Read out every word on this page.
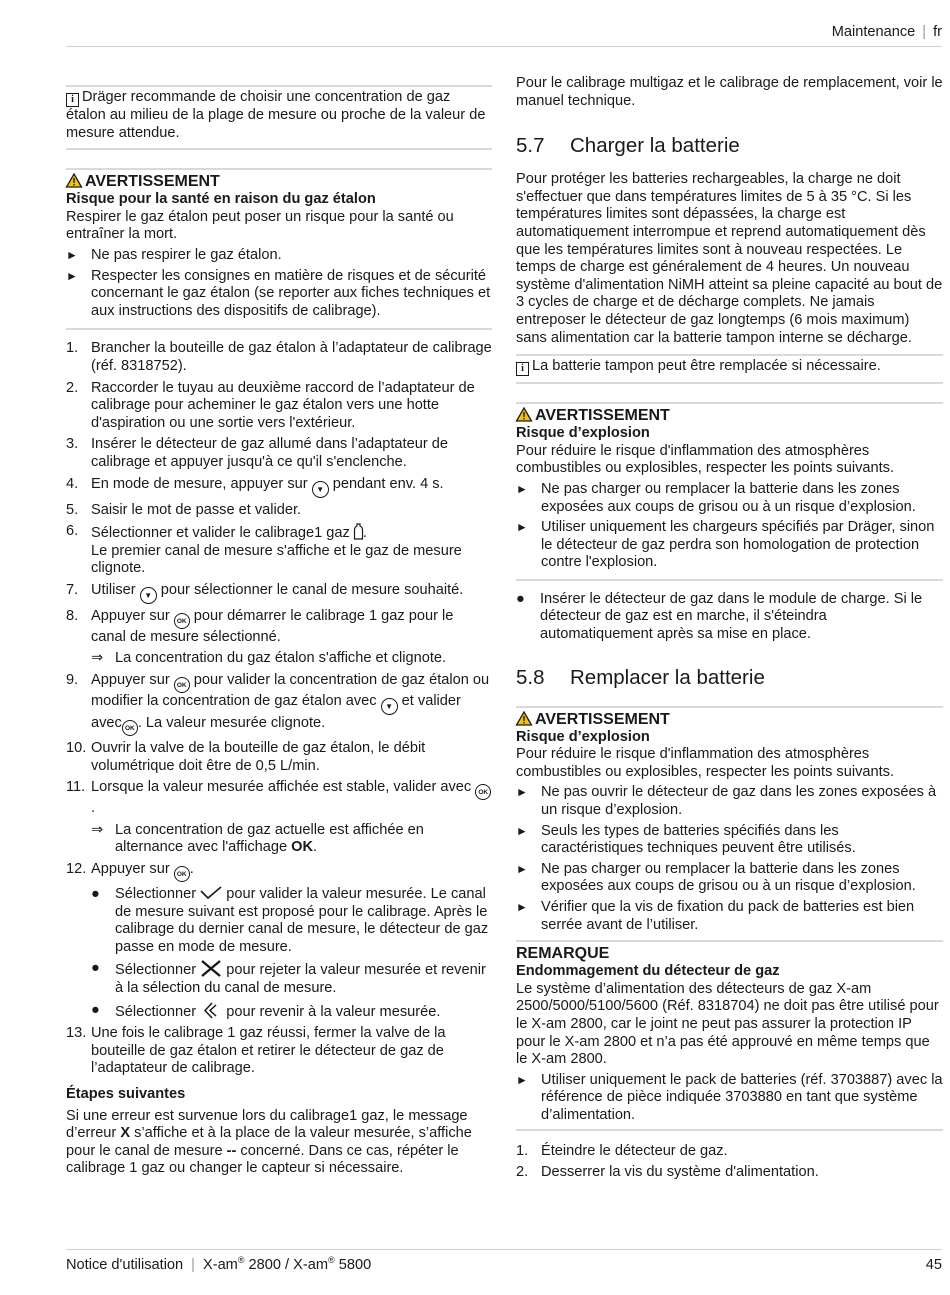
Maintenance | fr

i Dräger recommande de choisir une concentration de gaz étalon au milieu de la plage de mesure ou proche de la valeur de mesure attendue.

AVERTISSEMENT

Risque pour la santé en raison du gaz étalon

Respirer le gaz étalon peut poser un risque pour la santé ou entraîner la mort.

► Ne pas respirer le gaz étalon.
► Respecter les consignes en matière de risques et de sécurité concernant le gaz étalon (se reporter aux fiches techniques et aux instructions des dispositifs de calibrage).
1. Brancher la bouteille de gaz étalon à l’adaptateur de calibrage (réf. 8318752).
2. Raccorder le tuyau au deuxième raccord de l’adaptateur de calibrage pour acheminer le gaz étalon vers une hotte d'aspiration ou une sortie vers l'extérieur.
3. Insérer le détecteur de gaz allumé dans l’adaptateur de calibrage et appuyer jusqu'à ce qu'il s'enclenche.
4. En mode de mesure, appuyer sur ▼ pendant env. 4 s.
5. Saisir le mot de passe et valider.
6. Sélectionner et valider le calibrage1 gaz .
Le premier canal de mesure s'affiche et le gaz de mesure clignote.
7. Utiliser ▼ pour sélectionner le canal de mesure souhaité.
8. Appuyer sur OK pour démarrer le calibrage 1 gaz pour le canal de mesure sélectionné.
⇒ La concentration du gaz étalon s'affiche et clignote.
9. Appuyer sur OK pour valider la concentration de gaz étalon ou modifier la concentration de gaz étalon avec ▼ et valider avec OK . La valeur mesurée clignote.
10. Ouvrir la valve de la bouteille de gaz étalon, le débit volumétrique doit être de 0,5 L/min.
11. Lorsque la valeur mesurée affichée est stable, valider avec OK.
⇒ La concentration de gaz actuelle est affichée en alternance avec l'affichage OK.
12. Appuyer sur OK .
● Sélectionner  pour valider la valeur mesurée. Le canal de mesure suivant est proposé pour le calibrage. Après le calibrage du dernier canal de mesure, le détecteur de gaz passe en mode de mesure.
● Sélectionner  pour rejeter la valeur mesurée et revenir à la sélection du canal de mesure.
● Sélectionner  pour revenir à la valeur mesurée.
13. Une fois le calibrage 1 gaz réussi, fermer la valve de la bouteille de gaz étalon et retirer le détecteur de gaz de l’adaptateur de calibrage.

Étapes suivantes

Si une erreur est survenue lors du calibrage1 gaz, le message d’erreur X s’affiche et à la place de la valeur mesurée, s’affiche pour le canal de mesure -- concerné. Dans ce cas, répéter le calibrage 1 gaz ou changer le capteur si nécessaire.

Pour le calibrage multigaz et le calibrage de remplacement, voir le manuel technique.

5.7 Charger la batterie

Pour protéger les batteries rechargeables, la charge ne doit s'effectuer que dans températures limites de 5 à 35 °C. Si les températures limites sont dépassées, la charge est automatiquement interrompue et reprend automatiquement dès que les températures limites sont à nouveau respectées. Le temps de charge est généralement de 4 heures. Un nouveau système d'alimentation NiMH atteint sa pleine capacité au bout de 3 cycles de charge et de décharge complets. Ne jamais entreposer le détecteur de gaz longtemps (6 mois maximum) sans alimentation car la batterie tampon interne se décharge.

i La batterie tampon peut être remplacée si nécessaire.

AVERTISSEMENT

Risque d’explosion

Pour réduire le risque d'inflammation des atmosphères combustibles ou explosibles, respecter les points suivants.

► Ne pas charger ou remplacer la batterie dans les zones exposées aux coups de grisou ou à un risque d’explosion.
► Utiliser uniquement les chargeurs spécifiés par Dräger, sinon le détecteur de gaz perdra son homologation de protection contre l'explosion.
● Insérer le détecteur de gaz dans le module de charge. Si le détecteur de gaz est en marche, il s'éteindra automatiquement après sa mise en place.
5.8 Remplacer la batterie
AVERTISSEMENT

Risque d’explosion

Pour réduire le risque d'inflammation des atmosphères combustibles ou explosibles, respecter les points suivants.

► Ne pas ouvrir le détecteur de gaz dans les zones exposées à un risque d’explosion.
► Seuls les types de batteries spécifiés dans les caractéristiques techniques peuvent être utilisés.
► Ne pas charger ou remplacer la batterie dans les zones exposées aux coups de grisou ou à un risque d’explosion.
► Vérifier que la vis de fixation du pack de batteries est bien serrée avant de l’utiliser.
REMARQUE

Endommagement du détecteur de gaz

Le système d’alimentation des détecteurs de gaz X-am 2500/5000/5100/5600 (Réf. 8318704) ne doit pas être utilisé pour le X-am 2800, car le joint ne peut pas assurer la protection IP pour le X-am 2800 et n’a pas été approuvé en même temps que le X-am 2800.

► Utiliser uniquement le pack de batteries (réf. 3703887) avec la référence de pièce indiquée 3703880 en tant que système d’alimentation.
1. Éteindre le détecteur de gaz.
2. Desserrer la vis du système d'alimentation.
Notice d'utilisation | X-am® 2800 / X-am® 5800	45
